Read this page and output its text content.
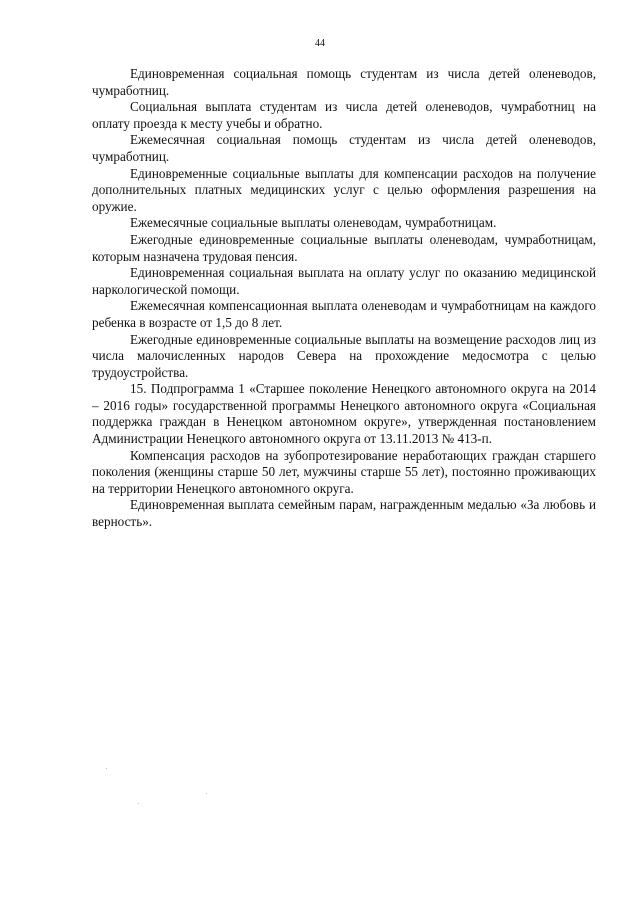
44

Единовременная социальная помощь студентам из числа детей оленеводов, чумработниц.

Социальная выплата студентам из числа детей оленеводов, чумработниц на оплату проезда к месту учебы и обратно.

Ежемесячная социальная помощь студентам из числа детей оленеводов, чумработниц.

Единовременные социальные выплаты для компенсации расходов на получение дополнительных платных медицинских услуг с целью оформления разрешения на оружие.

Ежемесячные социальные выплаты оленеводам, чумработницам.

Ежегодные единовременные социальные выплаты оленеводам, чумработницам, которым назначена трудовая пенсия.

Единовременная социальная выплата на оплату услуг по оказанию медицинской наркологической помощи.

Ежемесячная компенсационная выплата оленеводам и чумработницам на каждого ребенка в возрасте от 1,5 до 8 лет.

Ежегодные единовременные социальные выплаты на возмещение расходов лиц из числа малочисленных народов Севера на прохождение медосмотра с целью трудоустройства.

15. Подпрограмма 1 «Старшее поколение Ненецкого автономного округа на 2014 – 2016 годы» государственной программы Ненецкого автономного округа «Социальная поддержка граждан в Ненецком автономном округе», утвержденная постановлением Администрации Ненецкого автономного округа от 13.11.2013 № 413-п.

Компенсация расходов на зубопротезирование неработающих граждан старшего поколения (женщины старше 50 лет, мужчины старше 55 лет), постоянно проживающих на территории Ненецкого автономного округа.

Единовременная выплата семейным парам, награжденным медалью «За любовь и верность».
